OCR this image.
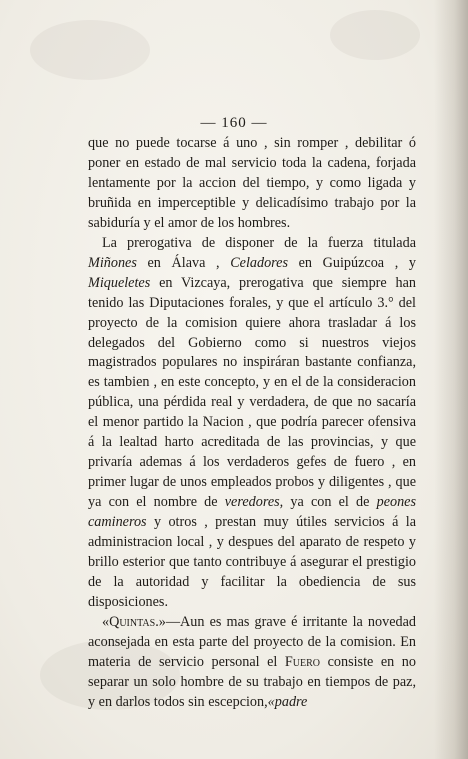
— 160 —

que no puede tocarse á uno , sin romper , debilitar ó poner en estado de mal servicio toda la cadena, forjada lentamente por la accion del tiempo, y como ligada y bruñida en imperceptible y delicadísimo trabajo por la sabiduría y el amor de los hombres.

La prerogativa de disponer de la fuerza titulada Miñones en Álava , Celadores en Guipúzcoa , y Miqueletes en Vizcaya, prerogativa que siempre han tenido las Diputaciones forales, y que el artículo 3.° del proyecto de la comision quiere ahora trasladar á los delegados del Gobierno como si nuestros viejos magistrados populares no inspiráran bastante confianza, es tambien , en este concepto, y en el de la consideracion pública, una pérdida real y verdadera, de que no sacaría el menor partido la Nacion , que podría parecer ofensiva á la lealtad harto acreditada de las provincias, y que privaría ademas á los verdaderos gefes de fuero , en primer lugar de unos empleados probos y diligentes , que ya con el nombre de veredores, ya con el de peones camineros y otros , prestan muy útiles servicios á la administracion local , y despues del aparato de respeto y brillo esterior que tanto contribuye á asegurar el prestigio de la autoridad y facilitar la obediencia de sus disposiciones.

«Quintas.»—Aun es mas grave é irritante la novedad aconsejada en esta parte del proyecto de la comision. En materia de servicio personal el Fuero consiste en no separar un solo hombre de su trabajo en tiempos de paz, y en darlos todos sin escepcion,«padre
